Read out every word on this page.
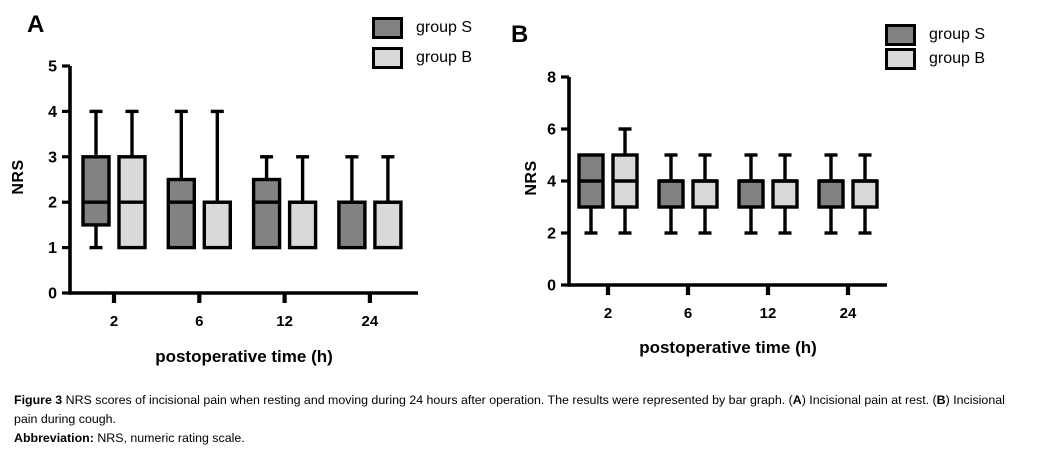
0
1
2
3
4
5
2	6	12	24
0
2
4
6
8
2	6	12	24
A	B
NRS	NRS
postoperative time (h)	postoperative time (h)
group S
group B
group S
group B

Figure 3 NRS scores of incisional pain when resting and moving during 24 hours after operation. The results were represented by bar graph. (A) Incisional pain at rest. (B) Incisional pain during cough.

Abbreviation: NRS, numeric rating scale.
